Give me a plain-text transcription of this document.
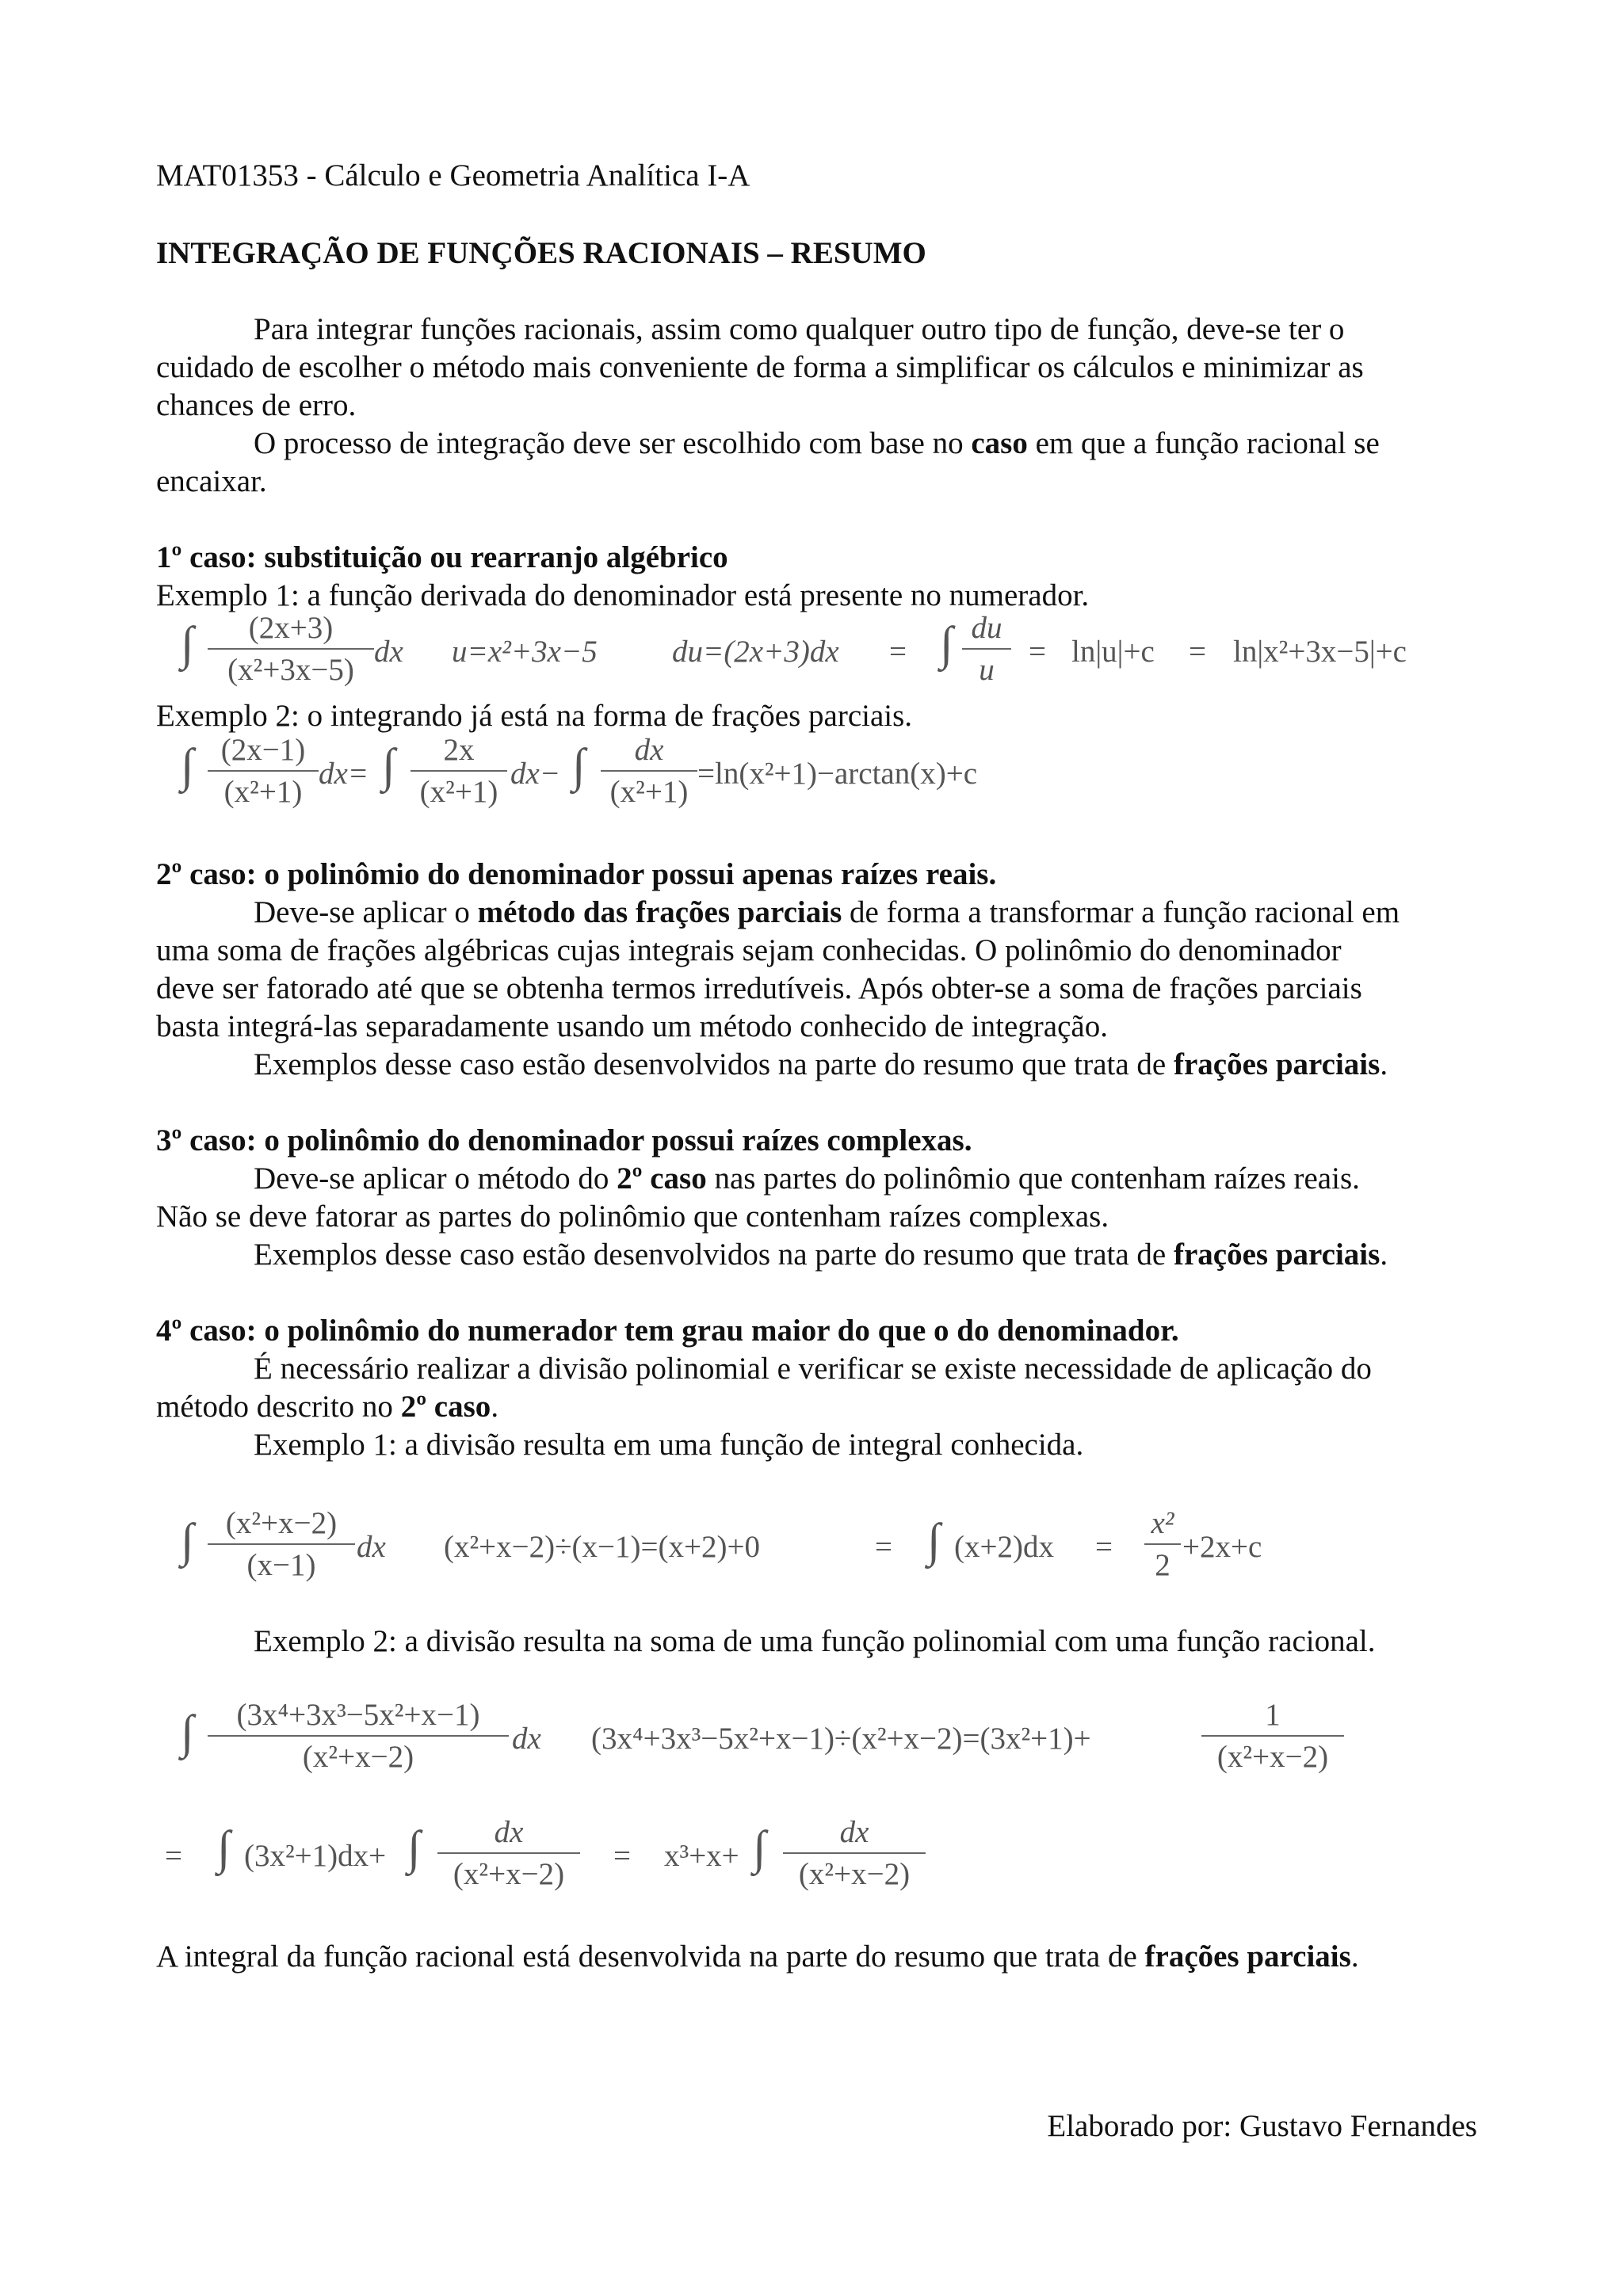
MAT01353 - Cálculo e Geometria Analítica I-A
INTEGRAÇÃO DE FUNÇÕES RACIONAIS – RESUMO
Para integrar funções racionais, assim como qualquer outro tipo de função, deve-se ter o
cuidado de escolher o método mais conveniente de forma a simplificar os cálculos e minimizar as
chances de erro.
O processo de integração deve ser escolhido com base no caso em que a função racional se
encaixar.
1º caso: substituição ou rearranjo algébrico
Exemplo 1: a função derivada do denominador está presente no numerador.
∫	(2x+3)
(x²+3x−5)
dx u=x²+3x−5 du=(2x+3)dx = ∫ du
u
= ln|u|+c = ln|x²+3x−5|+c
Exemplo 2: o integrando já está na forma de frações parciais.
∫ (2x−1)
(x²+1)
dx= ∫	2x
(x²+1)
dx− ∫	dx
(x²+1)
=ln(x²+1)−arctan(x)+c
2º caso: o polinômio do denominador possui apenas raízes reais.
Deve-se aplicar o método das frações parciais de forma a transformar a função racional em
uma soma de frações algébricas cujas integrais sejam conhecidas. O polinômio do denominador
deve ser fatorado até que se obtenha termos irredutíveis. Após obter-se a soma de frações parciais
basta integrá-las separadamente usando um método conhecido de integração.
Exemplos desse caso estão desenvolvidos na parte do resumo que trata de frações parciais.
3º caso: o polinômio do denominador possui raízes complexas.
Deve-se aplicar o método do 2º caso nas partes do polinômio que contenham raízes reais.
Não se deve fatorar as partes do polinômio que contenham raízes complexas.
Exemplos desse caso estão desenvolvidos na parte do resumo que trata de frações parciais.
4º caso: o polinômio do numerador tem grau maior do que o do denominador.
É necessário realizar a divisão polinomial e verificar se existe necessidade de aplicação do
método descrito no 2º caso.
Exemplo 1: a divisão resulta em uma função de integral conhecida.
∫	(x²+x−2)
(x−1)
dx (x²+x−2)÷(x−1)=(x+2)+0	= ∫ (x+2)dx =
x²
2
+2x+c
Exemplo 2: a divisão resulta na soma de uma função polinomial com uma função racional.
∫	(3x⁴+3x³−5x²+x−1)
(x²+x−2)
dx (3x⁴+3x³−5x²+x−1)÷(x²+x−2)=(3x²+1)+
1
(x²+x−2)
= ∫ (3x²+1)dx+ ∫	dx
(x²+x−2)
= x³+x+ ∫	dx
(x²+x−2)
A integral da função racional está desenvolvida na parte do resumo que trata de frações parciais.
Elaborado por: Gustavo Fernandes
